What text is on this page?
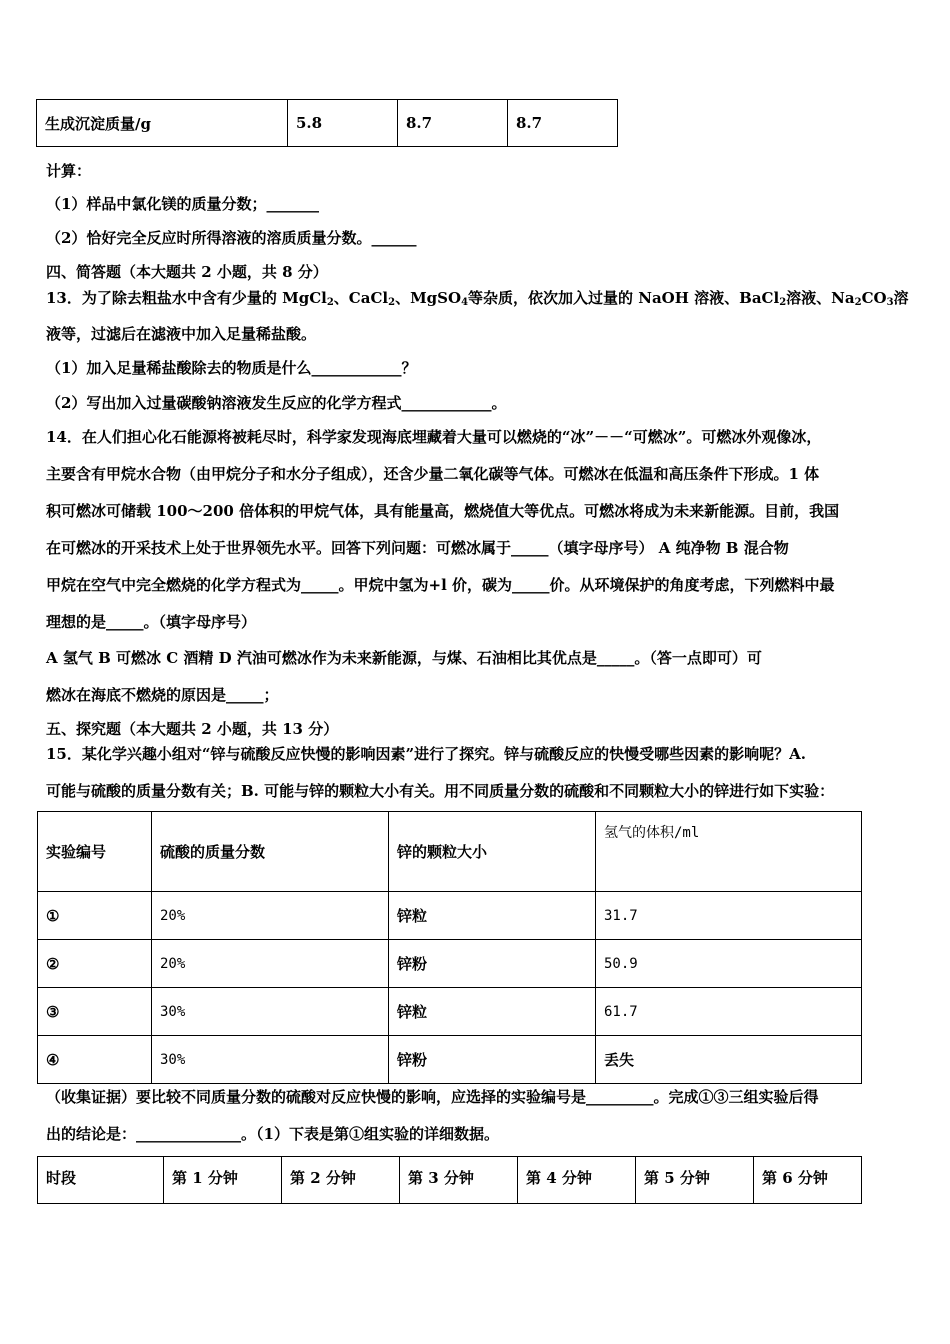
生成沉淀质量/g	5.8	8.7	8.7
计算：
（1）样品中氯化镁的质量分数；_______
（2）恰好完全反应时所得溶液的溶质质量分数。______
四、简答题（本大题共 2 小题，共 8 分）
13．为了除去粗盐水中含有少量的 MgCl$_2$、CaCl$_2$、MgSO$_4$等杂质，依次加入过量的 NaOH 溶液、BaCl$_2$溶液、$Na_2CO_3$溶
液等，过滤后在滤液中加入足量稀盐酸。
（1）加入足量稀盐酸除去的物质是什么____________？
（2）写出加入过量碳酸钠溶液发生反应的化学方程式____________。
14．在人们担心化石能源将被耗尽时，科学家发现海底埋藏着大量可以燃烧的“冰”－－“可燃冰”。可燃冰外观像冰，
主要含有甲烷水合物（由甲烷分子和水分子组成），还含少量二氧化碳等气体。可燃冰在低温和高压条件下形成。1 体
积可燃冰可储载 100～200 倍体积的甲烷气体，具有能量高，燃烧值大等优点。可燃冰将成为未来新能源。目前，我国
在可燃冰的开采技术上处于世界领先水平。回答下列问题：可燃冰属于_____（填字母序号） A 纯净物 B 混合物
甲烷在空气中完全燃烧的化学方程式为_____。甲烷中氢为+l 价，碳为_____价。从环境保护的角度考虑，下列燃料中最
理想的是_____。（填字母序号）
A 氢气 B 可燃冰 C 酒精 D 汽油可燃冰作为未来新能源，与煤、石油相比其优点是_____。（答一点即可）可
燃冰在海底不燃烧的原因是_____；
五、探究题（本大题共 2 小题，共 13 分）
15．某化学兴趣小组对“锌与硫酸反应快慢的影响因素”进行了探究。锌与硫酸反应的快慢受哪些因素的影响呢？A.
可能与硫酸的质量分数有关；B. 可能与锌的颗粒大小有关。用不同质量分数的硫酸和不同颗粒大小的锌进行如下实验：
实验编号	硫酸的质量分数	锌的颗粒大小	氢气的体积/ml
①	20%	锌粒	31.7
②	20%	锌粉	50.9
③	30%	锌粒	61.7
④	30%	锌粉	丢失
（收集证据）要比较不同质量分数的硫酸对反应快慢的影响，应选择的实验编号是_________。完成①③三组实验后得
出的结论是：______________。（1）下表是第①组实验的详细数据。
时段	第 1 分钟	第 2 分钟	第 3 分钟	第 4 分钟	第 5 分钟	第 6 分钟
